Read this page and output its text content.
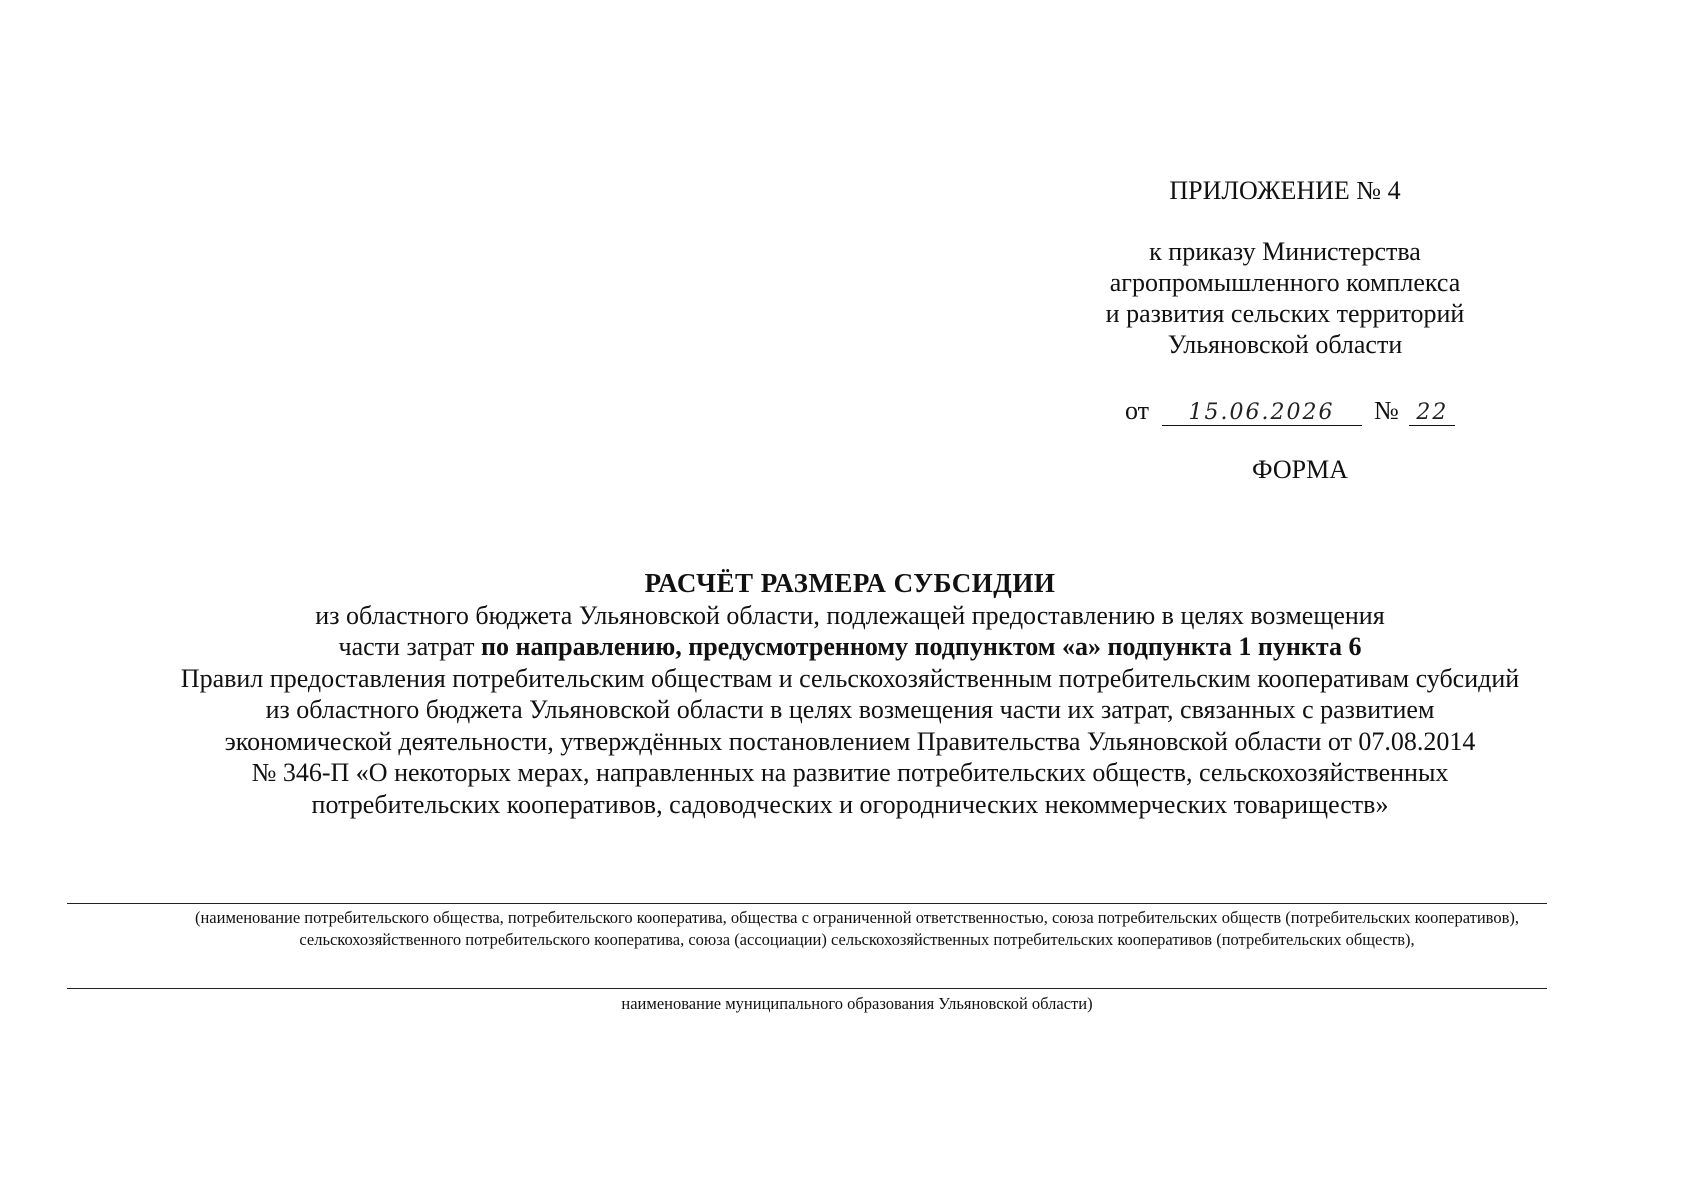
ПРИЛОЖЕНИЕ № 4
к приказу Министерства
агропромышленного комплекса
и развития сельских территорий
Ульяновской области
от 15.06.2026 № 22
ФОРМА
РАСЧЁТ РАЗМЕРА СУБСИДИИ
из областного бюджета Ульяновской области, подлежащей предоставлению в целях возмещения
части затрат по направлению, предусмотренному подпунктом «а» подпункта 1 пункта 6
Правил предоставления потребительским обществам и сельскохозяйственным потребительским кооперативам субсидий
из областного бюджета Ульяновской области в целях возмещения части их затрат, связанных с развитием
экономической деятельности, утверждённых постановлением Правительства Ульяновской области от 07.08.2014
№ 346-П «О некоторых мерах, направленных на развитие потребительских обществ, сельскохозяйственных
потребительских кооперативов, садоводческих и огороднических некоммерческих товариществ»
(наименование потребительского общества, потребительского кооператива, общества с ограниченной ответственностью, союза потребительских обществ (потребительских кооперативов),
сельскохозяйственного потребительского кооператива, союза (ассоциации) сельскохозяйственных потребительских кооперативов (потребительских обществ),
наименование муниципального образования Ульяновской области)
